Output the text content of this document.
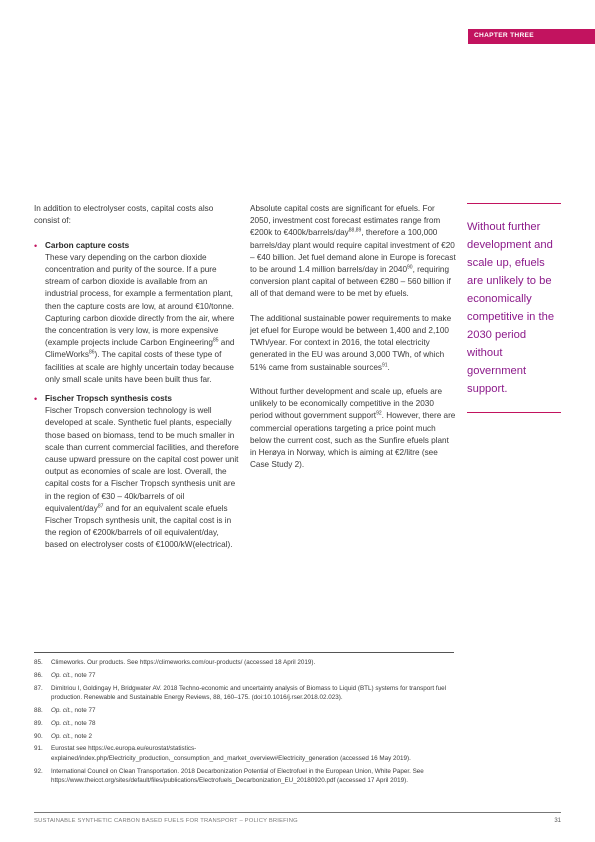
CHAPTER THREE

In addition to electrolyser costs, capital costs also consist of:

• Carbon capture costs
These vary depending on the carbon dioxide concentration and purity of the source. If a pure stream of carbon dioxide is available from an industrial process, for example a fermentation plant, then the capture costs are low, at around €10/tonne. Capturing carbon dioxide directly from the air, where the concentration is very low, is more expensive (example projects include Carbon Engineering$^{85}$ and ClimeWorks$^{86}$). The capital costs of these type of facilities at scale are highly uncertain today because only small scale units have been built thus far.
• Fischer Tropsch synthesis costs
Fischer Tropsch conversion technology is well developed at scale. Synthetic fuel plants, especially those based on biomass, tend to be much smaller in scale than current commercial facilities, and therefore cause upward pressure on the capital cost power unit output as economies of scale are lost. Overall, the capital costs for a Fischer Tropsch synthesis unit are in the region of €30 – 40k/barrels of oil equivalent/day$^{87}$ and for an equivalent scale efuels Fischer Tropsch synthesis unit, the capital cost is in the region of €200k/barrels of oil equivalent/day, based on electrolyser costs of €1000/kW(electrical).

Absolute capital costs are significant for efuels. For 2050, investment cost forecast estimates range from €200k to €400k/barrels/day$^{88,89}$, therefore a 100,000 barrels/day plant would require capital investment of €20 – €40 billion. Jet fuel demand alone in Europe is forecast to be around 1.4 million barrels/day in 2040$^{90}$, requiring conversion plant capital of between €280 – 560 billion if all of that demand were to be met by efuels.

The additional sustainable power requirements to make jet efuel for Europe would be between 1,400 and 2,100 TWh/year. For context in 2016, the total electricity generated in the EU was around 3,000 TWh, of which 51% came from sustainable sources$^{91}$.

Without further development and scale up, efuels are unlikely to be economically competitive in the 2030 period without government support$^{92}$. However, there are commercial operations targeting a price point much below the current cost, such as the Sunfire efuels plant in Herøya in Norway, which is aiming at €2/litre (see Case Study 2).

Without further development and scale up, efuels are unlikely to be economically competitive in the 2030 period without government support.
85.	Climeworks. Our products. See https://climeworks.com/our-products/ (accessed 18 April 2019).
86.	Op. cit., note 77
87.	Dimitriou I, Goldingay H, Bridgwater AV. 2018 Techno-economic and uncertainty analysis of Biomass to Liquid (BTL) systems for transport fuel production. Renewable and Sustainable Energy Reviews, 88, 160–175. (doi:10.1016/j.rser.2018.02.023).
88.	Op. cit., note 77
89.	Op. cit., note 78
90.	Op. cit., note 2
91.	Eurostat see https://ec.europa.eu/eurostat/statistics-explained/index.php/Electricity_production,_consumption_and_market_overview#Electricity_generation (accessed 16 May 2019).
92.	International Council on Clean Transportation. 2018 Decarbonization Potential of Electrofuel in the European Union, White Paper. See https://www.theicct.org/sites/default/files/publications/Electrofuels_Decarbonization_EU_20180920.pdf (accessed 17 April 2019).
SUSTAINABLE SYNTHETIC CARBON BASED FUELS FOR TRANSPORT – POLICY BRIEFING	31
